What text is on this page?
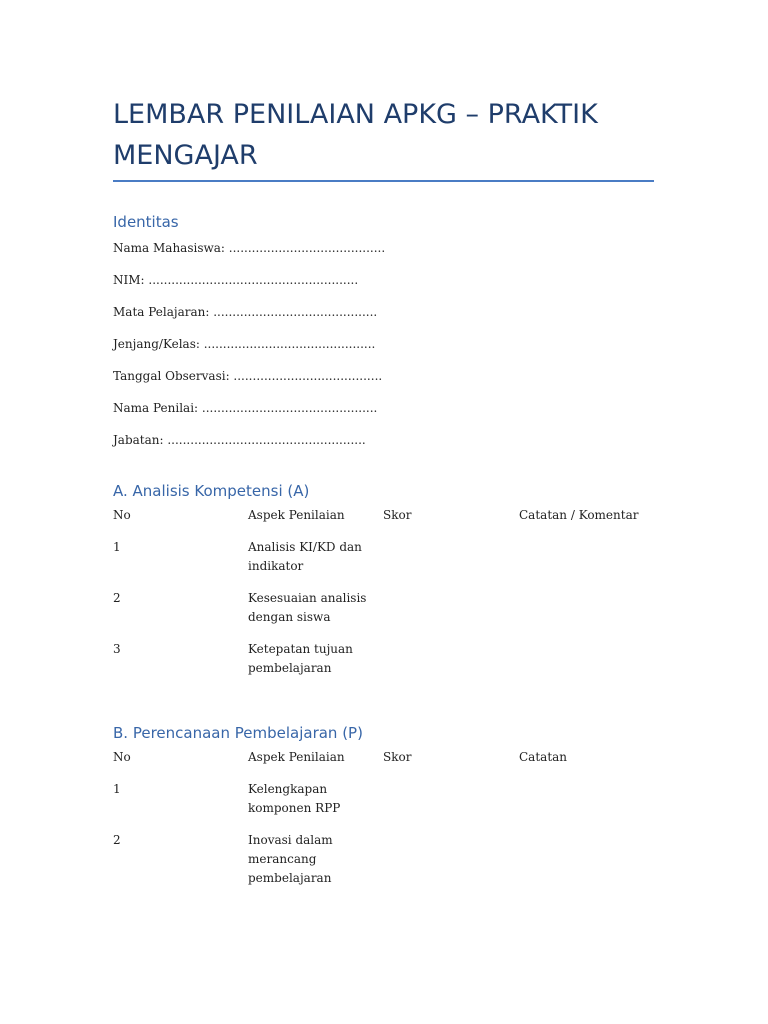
LEMBAR PENILAIAN APKG – PRAKTIK MENGAJAR
Identitas
Nama Mahasiswa: .........................................
NIM: .......................................................
Mata Pelajaran: ...........................................
Jenjang/Kelas: .............................................
Tanggal Observasi: .......................................
Nama Penilai: ..............................................
Jabatan: ....................................................
A. Analisis Kompetensi (A)
No	Aspek Penilaian	Skor	Catatan / Komentar
1	Analisis KI/KD dan indikator
2	Kesesuaian analisis dengan siswa
3	Ketepatan tujuan pembelajaran
B. Perencanaan Pembelajaran (P)
No	Aspek Penilaian	Skor	Catatan
1	Kelengkapan komponen RPP
2	Inovasi dalam merancang pembelajaran
